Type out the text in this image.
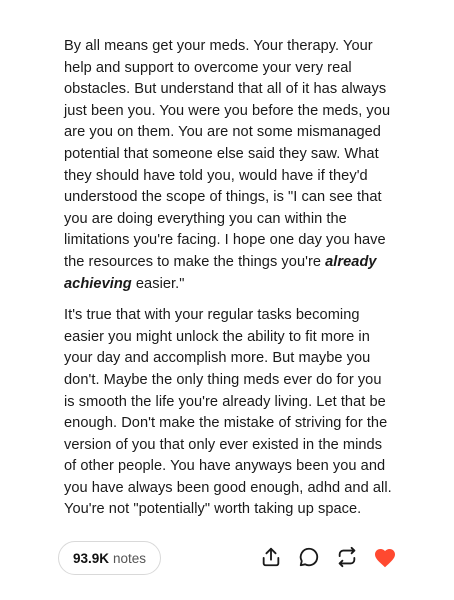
By all means get your meds. Your therapy. Your help and support to overcome your very real obstacles. But understand that all of it has always just been you. You were you before the meds, you are you on them. You are not some mismanaged potential that someone else said they saw. What they should have told you, would have if they'd understood the scope of things, is "I can see that you are doing everything you can within the limitations you're facing. I hope one day you have the resources to make the things you're already achieving easier."

It's true that with your regular tasks becoming easier you might unlock the ability to fit more in your day and accomplish more. But maybe you don't. Maybe the only thing meds ever do for you is smooth the life you're already living. Let that be enough. Don't make the mistake of striving for the version of you that only ever existed in the minds of other people. You have anyways been you and you have always been good enough, adhd and all. You're not "potentially" worth taking up space.

93.9K notes
